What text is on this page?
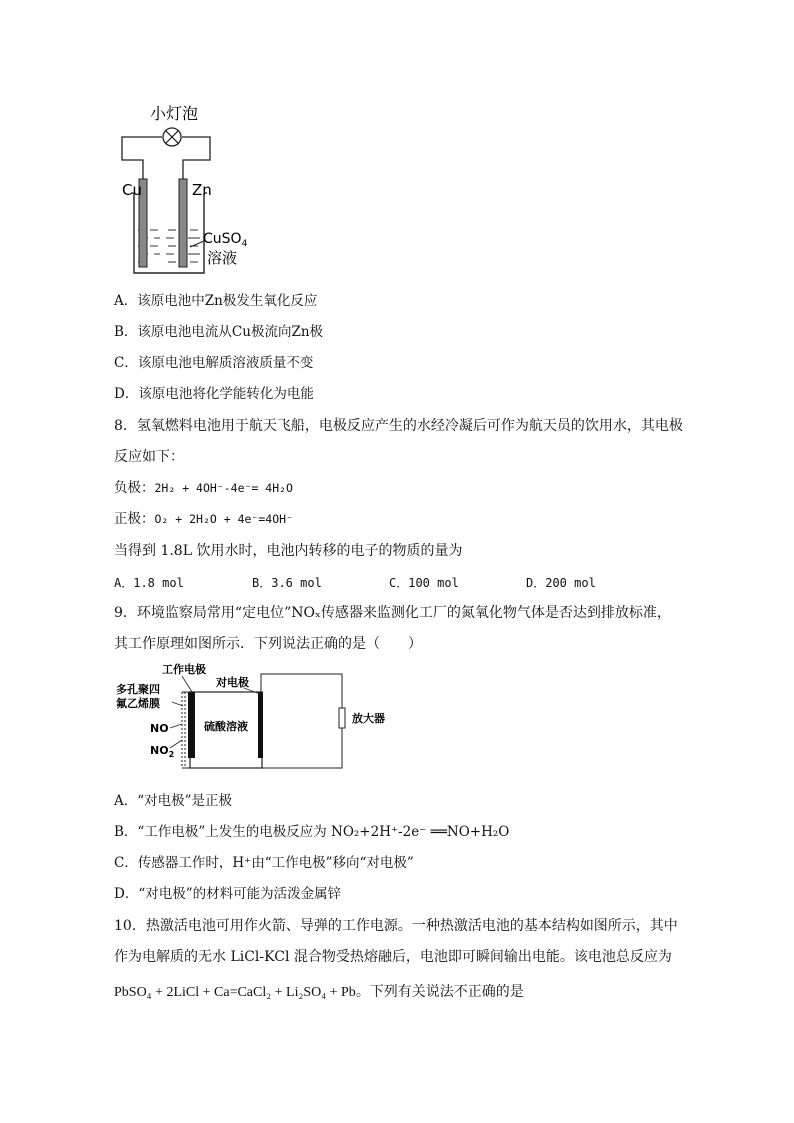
小灯泡
Cu	Zn
CuSO$_4$
溶液
A．该原电池中Zn极发生氧化反应
B．该原电池电流从Cu极流向Zn极
C．该原电池电解质溶液质量不变
D．该原电池将化学能转化为电能
8．氢氧燃料电池用于航天飞船，电极反应产生的水经冷凝后可作为航天员的饮用水，其电极
反应如下：
负极：2H₂ + 4OH⁻-4e⁻= 4H₂O
正极：O₂ + 2H₂O + 4e⁻=4OH⁻
当得到 1.8L 饮用水时，电池内转移的电子的物质的量为
A．1.8 mol	B．3.6 mol	C．100 mol	D．200 mol
9．环境监察局常用“定电位”NOₓ传感器来监测化工厂的氮氧化物气体是否达到排放标准，
其工作原理如图所示．下列说法正确的是（　　）
工作电极
对电极
多孔聚四
氟乙烯膜
NO
$NO_2$
硫酸溶液
放大器
A．“对电极”是正极
B．“工作电极”上发生的电极反应为 NO₂+2H⁺-2e⁻ ══NO+H₂O
C．传感器工作时，H⁺由“工作电极”移向“对电极”
D．“对电极”的材料可能为活泼金属锌
10．热激活电池可用作火箭、导弹的工作电源。一种热激活电池的基本结构如图所示，其中
作为电解质的无水 LiCl-KCl 混合物受热熔融后，电池即可瞬间输出电能。该电池总反应为
PbSO₄ + 2LiCl + Ca=CaCl₂ + Li₂SO₄ + Pb。下列有关说法不正确的是
